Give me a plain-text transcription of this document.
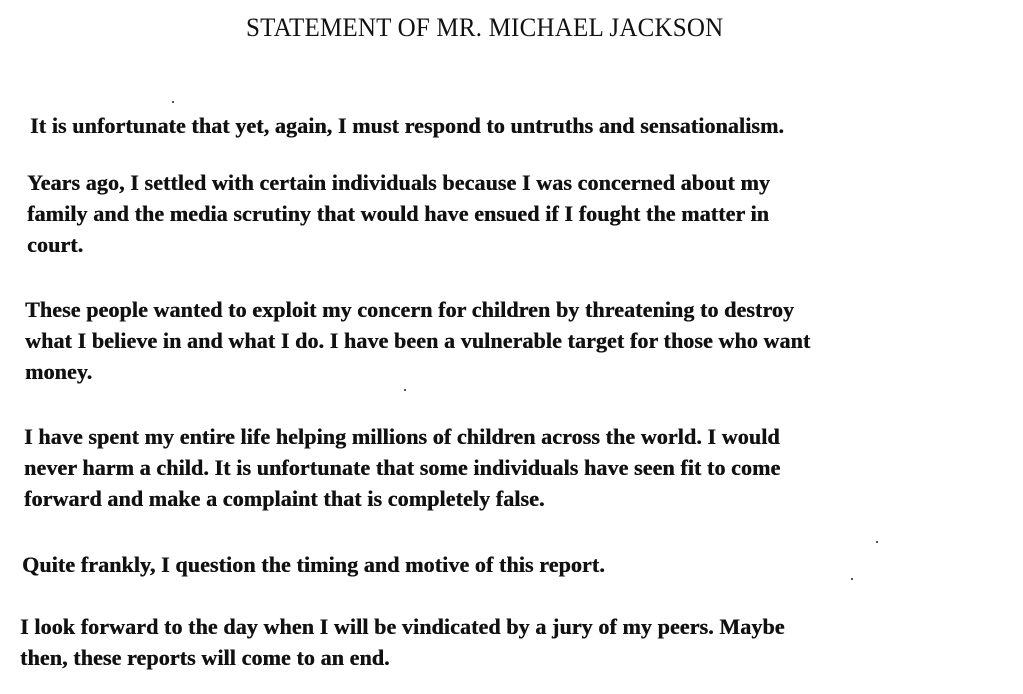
STATEMENT OF MR. MICHAEL JACKSON
It is unfortunate that yet, again, I must respond to untruths and sensationalism.
Years ago, I settled with certain individuals because I was concerned about my
family and the media scrutiny that would have ensued if I fought the matter in
court.
These people wanted to exploit my concern for children by threatening to destroy
what I believe in and what I do. I have been a vulnerable target for those who want
money.
I have spent my entire life helping millions of children across the world. I would
never harm a child. It is unfortunate that some individuals have seen fit to come
forward and make a complaint that is completely false.
Quite frankly, I question the timing and motive of this report.
I look forward to the day when I will be vindicated by a jury of my peers. Maybe
then, these reports will come to an end.
